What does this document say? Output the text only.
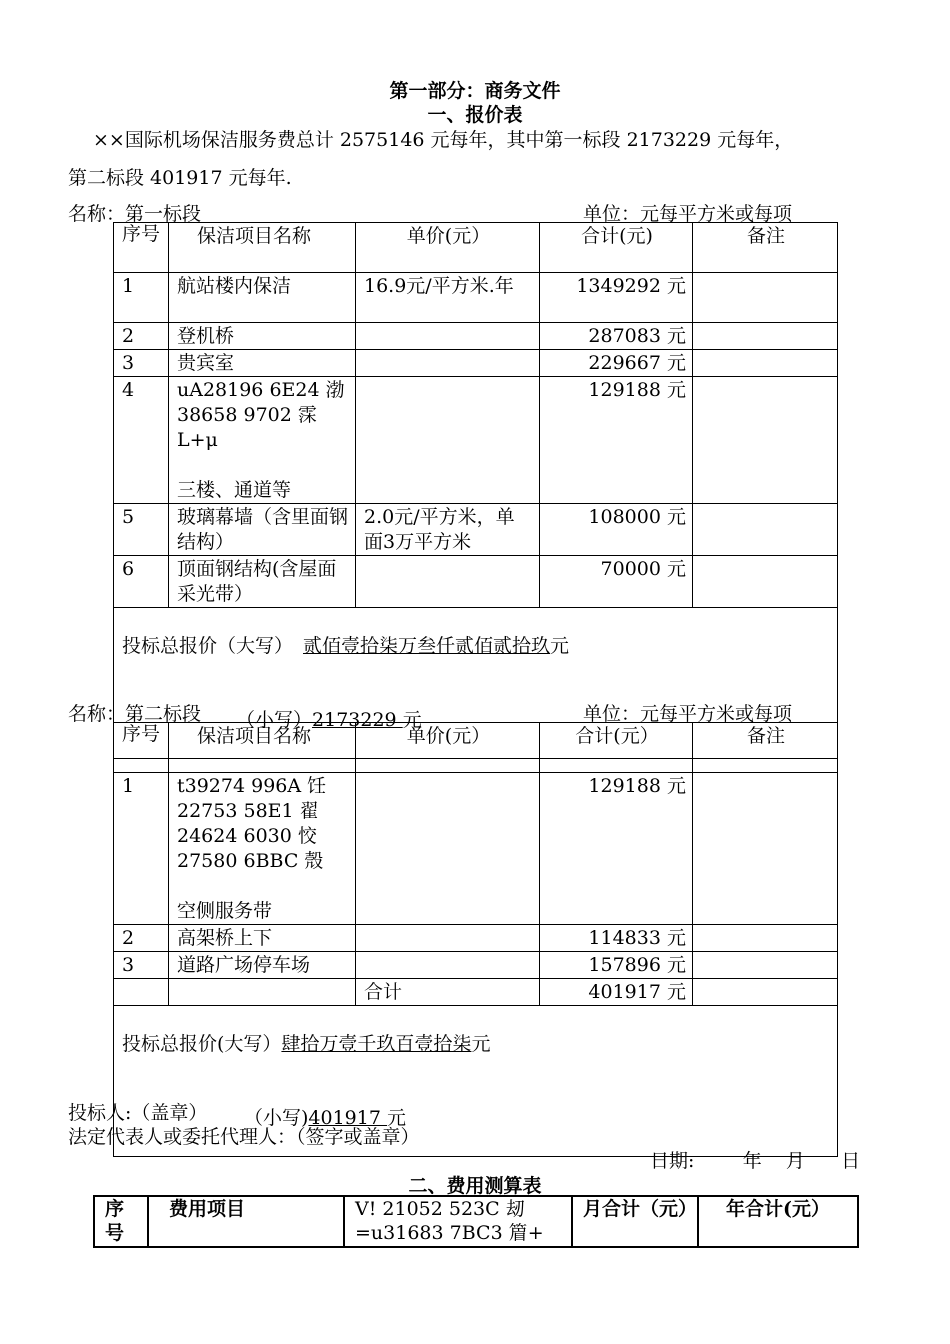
第一部分：商务文件
一、报价表
××国际机场保洁服务费总计 2575146 元每年，其中第一标段 2173229 元每年，
第二标段 401917 元每年.
名称：第一标段	单位：元每平方米或每项
序号	保洁项目名称	单价(元）	合计(元)	备注
1	航站楼内保洁	16.9元/平方米.年	1349292 元	
2	登机桥		287083 元	
3	贵宾室		229667 元	
4	uA28196 6E24 渤
38658 9702 霂
L+μ

三楼、通道等		129188 元	
5	玻璃幕墙（含里面钢结构）	2.0元/平方米，单面3万平方米	108000 元	
6	顶面钢结构(含屋面采光带）		70000 元	

投标总报价（大写） 贰佰壹拾柒万叁仟贰佰贰拾玖元

（小写）2173229 元				

名称：第二标段	单位：元每平方米或每项
序号	保洁项目名称	单价(元）	合计(元）	备注
1	t39274 996A 饪
22753 58E1 翟
24624 6030 恔
27580 6BBC 殼

空侧服务带		129188 元	
2	高架桥上下		114833 元	
3	道路广场停车场		157896 元	
		合计	401917 元	

投标总报价(大写）肆拾万壹千玖百壹拾柒元

（小写)401917 元				

投标人:（盖章）
法定代表人或委托代理人：（签字或盖章）
日期:        年    月      日
二、费用测算表
序号	费用项目	V! 21052 523C 刼
=u31683 7BC3 篃+	月合计（元）	年合计(元）
